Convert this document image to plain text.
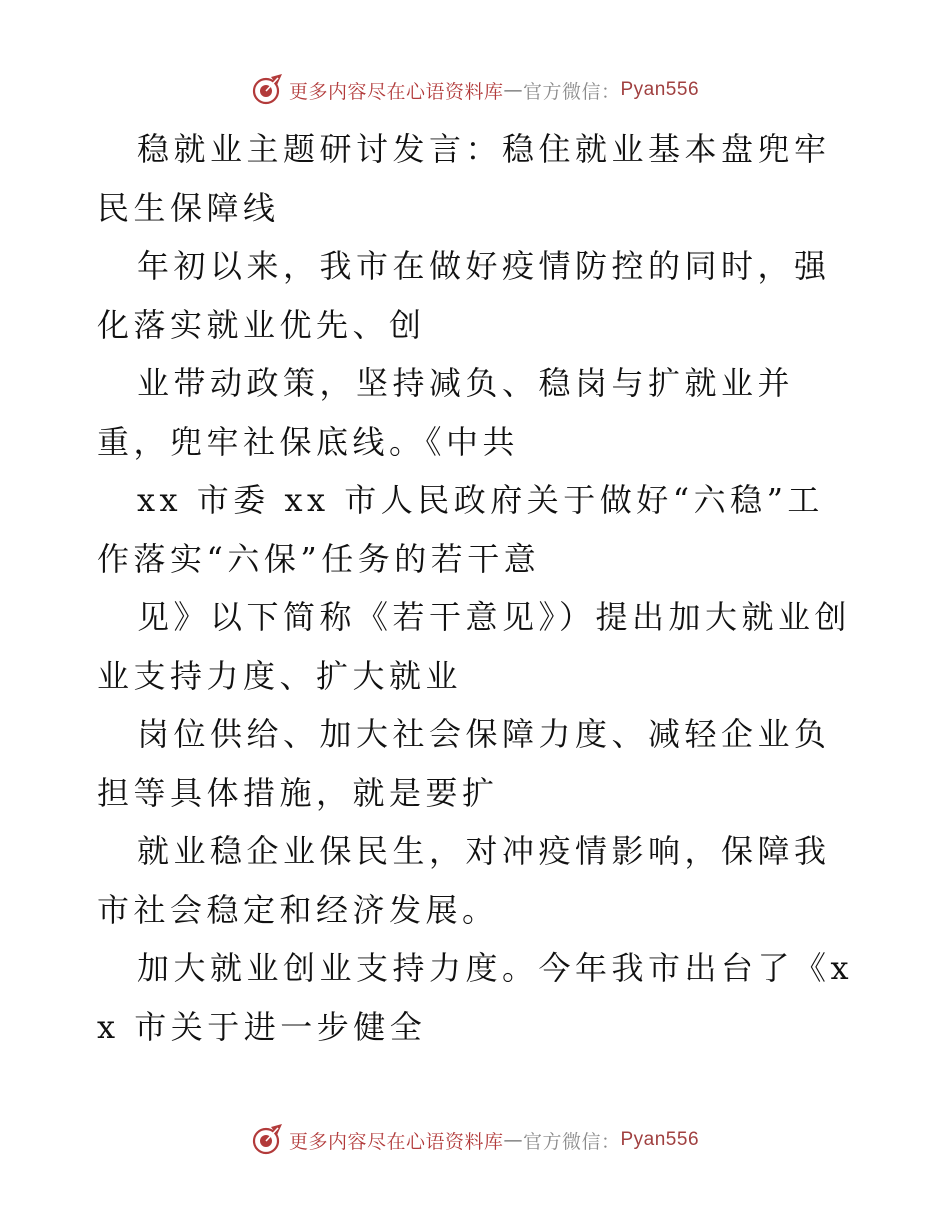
更多内容尽在心语资料库 — 官方微信： Pyan556

稳就业主题研讨发言：稳住就业基本盘兜牢民生保障线

年初以来，我市在做好疫情防控的同时，强化落实就业优先、创

业带动政策，坚持减负、稳岗与扩就业并重，兜牢社保底线。《中共

xx 市委 xx 市人民政府关于做好“六稳”工作落实“六保”任务的若干意

见》以下简称《若干意见》）提出加大就业创业支持力度、扩大就业

岗位供给、加大社会保障力度、减轻企业负担等具体措施，就是要扩

就业稳企业保民生，对冲疫情影响，保障我市社会稳定和经济发展。

加大就业创业支持力度。今年我市出台了《xx 市关于进一步健全

更多内容尽在心语资料库 — 官方微信： Pyan556
